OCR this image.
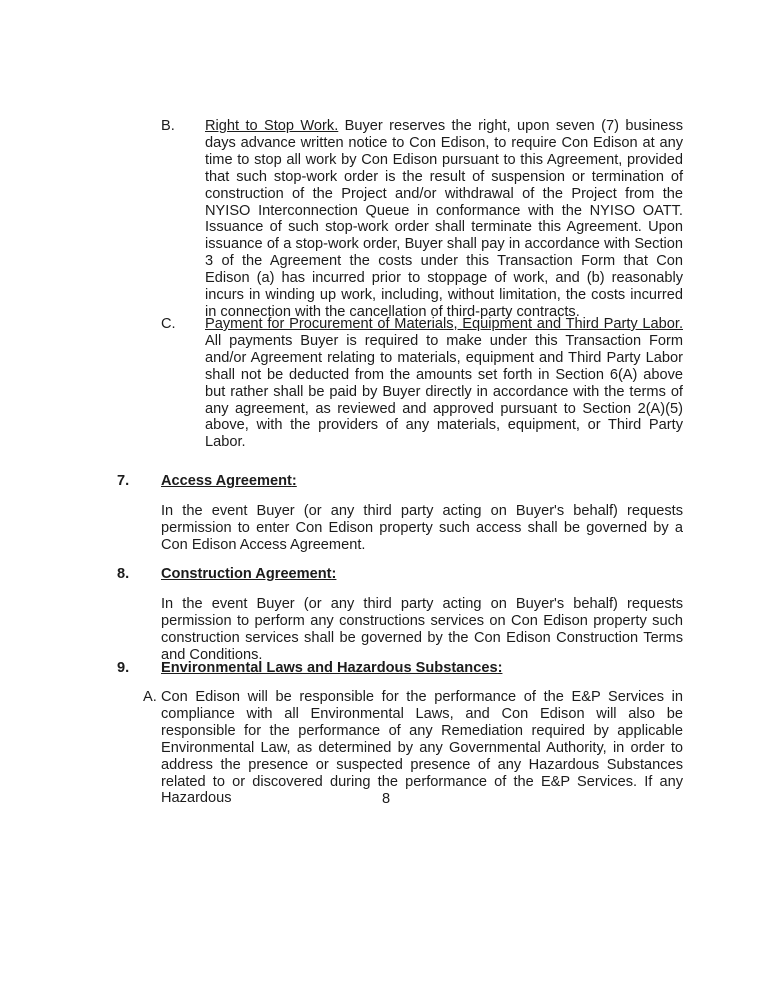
B. Right to Stop Work. Buyer reserves the right, upon seven (7) business days advance written notice to Con Edison, to require Con Edison at any time to stop all work by Con Edison pursuant to this Agreement, provided that such stop-work order is the result of suspension or termination of construction of the Project and/or withdrawal of the Project from the NYISO Interconnection Queue in conformance with the NYISO OATT. Issuance of such stop-work order shall terminate this Agreement. Upon issuance of a stop-work order, Buyer shall pay in accordance with Section 3 of the Agreement the costs under this Transaction Form that Con Edison (a) has incurred prior to stoppage of work, and (b) reasonably incurs in winding up work, including, without limitation, the costs incurred in connection with the cancellation of third-party contracts.

C. Payment for Procurement of Materials, Equipment and Third Party Labor. All payments Buyer is required to make under this Transaction Form and/or Agreement relating to materials, equipment and Third Party Labor shall not be deducted from the amounts set forth in Section 6(A) above but rather shall be paid by Buyer directly in accordance with the terms of any agreement, as reviewed and approved pursuant to Section 2(A)(5) above, with the providers of any materials, equipment, or Third Party Labor.

7. Access Agreement:

In the event Buyer (or any third party acting on Buyer's behalf) requests permission to enter Con Edison property such access shall be governed by a Con Edison Access Agreement.

8. Construction Agreement:

In the event Buyer (or any third party acting on Buyer's behalf) requests permission to perform any constructions services on Con Edison property such construction services shall be governed by the Con Edison Construction Terms and Conditions.

9. Environmental Laws and Hazardous Substances:
A. Con Edison will be responsible for the performance of the E&P Services in compliance with all Environmental Laws, and Con Edison will also be responsible for the performance of any Remediation required by applicable Environmental Law, as determined by any Governmental Authority, in order to address the presence or suspected presence of any Hazardous Substances related to or discovered during the performance of the E&P Services. If any Hazardous	8
